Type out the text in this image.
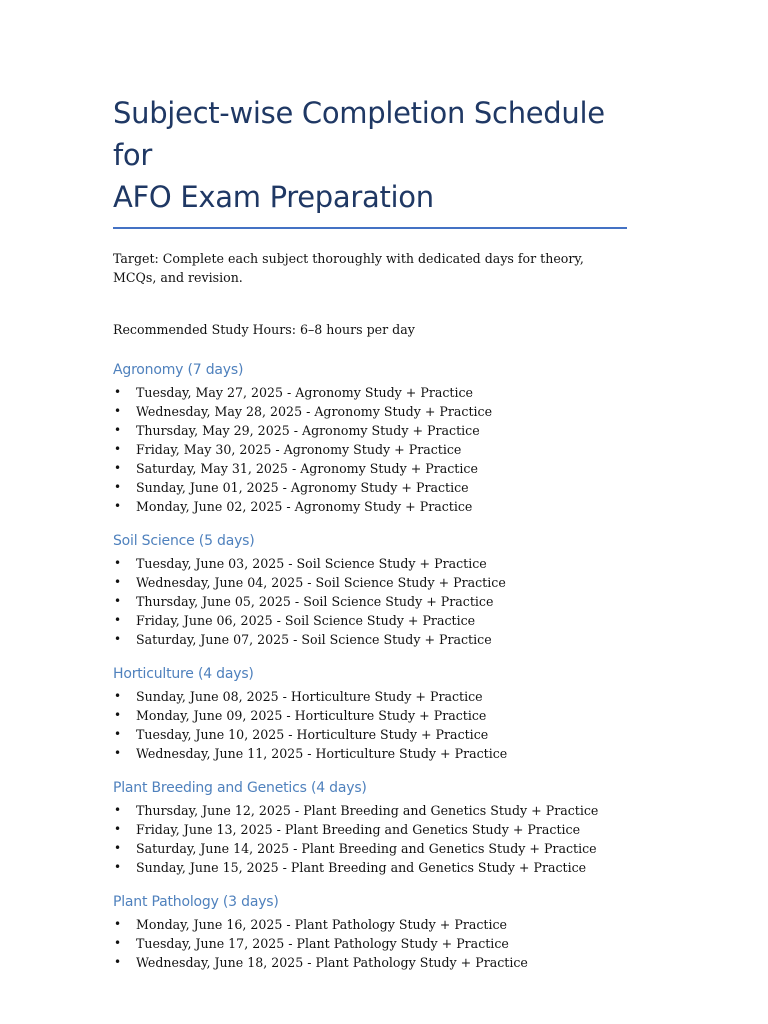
Subject-wise Completion Schedule for
AFO Exam Preparation

Target: Complete each subject thoroughly with dedicated days for theory, MCQs, and revision.

Recommended Study Hours: 6–8 hours per day

Agronomy (7 days)
• Tuesday, May 27, 2025 - Agronomy Study + Practice
• Wednesday, May 28, 2025 - Agronomy Study + Practice
• Thursday, May 29, 2025 - Agronomy Study + Practice
• Friday, May 30, 2025 - Agronomy Study + Practice
• Saturday, May 31, 2025 - Agronomy Study + Practice
• Sunday, June 01, 2025 - Agronomy Study + Practice
• Monday, June 02, 2025 - Agronomy Study + Practice
Soil Science (5 days)
• Tuesday, June 03, 2025 - Soil Science Study + Practice
• Wednesday, June 04, 2025 - Soil Science Study + Practice
• Thursday, June 05, 2025 - Soil Science Study + Practice
• Friday, June 06, 2025 - Soil Science Study + Practice
• Saturday, June 07, 2025 - Soil Science Study + Practice
Horticulture (4 days)
• Sunday, June 08, 2025 - Horticulture Study + Practice
• Monday, June 09, 2025 - Horticulture Study + Practice
• Tuesday, June 10, 2025 - Horticulture Study + Practice
• Wednesday, June 11, 2025 - Horticulture Study + Practice
Plant Breeding and Genetics (4 days)
• Thursday, June 12, 2025 - Plant Breeding and Genetics Study + Practice
• Friday, June 13, 2025 - Plant Breeding and Genetics Study + Practice
• Saturday, June 14, 2025 - Plant Breeding and Genetics Study + Practice
• Sunday, June 15, 2025 - Plant Breeding and Genetics Study + Practice
Plant Pathology (3 days)
• Monday, June 16, 2025 - Plant Pathology Study + Practice
• Tuesday, June 17, 2025 - Plant Pathology Study + Practice
• Wednesday, June 18, 2025 - Plant Pathology Study + Practice
